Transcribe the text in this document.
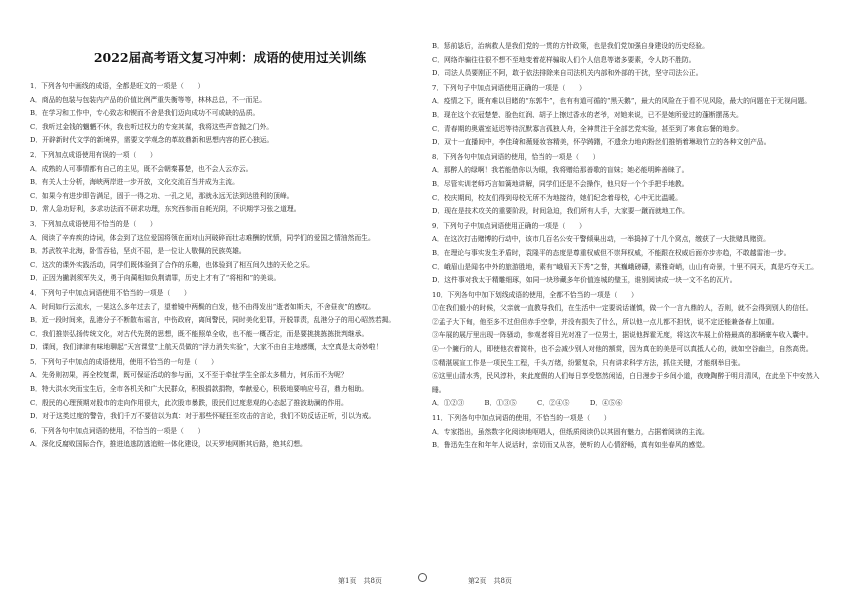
2022届高考语文复习冲刺：成语的使用过关训练

1．下列各句中画线的成语，全都是旺文的一项是（　　）

A．商品的包装与包装内产品的价值比例严重失衡等等，林林总总，不一而足。

B．在学习和工作中，专心致志和锲而不舍是我们迈向成功不可或缺的品质。

C．我听过金钱的魍魉不休，我也听过权力的专宠其谋，我将这些声音抛之门外。

D．开辟新时代文学的新境界，需要文学观念的革故鼎新和思想内容的匠心独运。

2．下列加点成语使用有误的一项（　　）

A．成熟的人可事情都有自己的主见，既不会朝秦暮楚，也不会人云亦云。

B．有关人士分析，海峡两岸进一步开放，文化交流百当并成为主流。

C．如果今有进步即告满足，固于一得之功、一孔之见，那就永远无法到达胜利的顶峰。

D．常人急功好利，多求功法而不研求功理，东究西参而自耗光阴，不识期学习张之道理。

3．下列加点成语使用不恰当的是（　　）

A．阅读了辛弃疾的诗词，体会到了这位爱国将领在面对山河破碎而壮志难酬的忧愤，同学们的爱国之情油然而生。

B．苏武牧羊北海，卧雪吞毡，坚贞不屈，是一位让人敬佩的民族英雄。

C．这次的课外实践活动，同学们既体验到了合作的乐趣，也体验到了相互间久违的天伦之乐。

D．正因为撇剥须军失义，勇于向蔺相如负荆请罪，历史上才有了“将相和”的美谈。

4．下列句子中加点词语使用不恰当的一项是（　　）

A．时间如行云流水，一晃这么多年过去了，望着镜中两鬓的白发，他不由得发出“逝者如斯夫，不舍昼夜”的感叹。

B．近一段时间来，乱港分子不断散布谣言，中伤政府，离间警民，同时美化犯罪，开脱罪责，乱港分子的用心昭然若揭。

C．我们推崇弘扬传统文化，对古代先贤的思想，既不能照单全收，也不能一概否定，而是要挑挑拣拣批判继承。

D．课间，我们津津有味地聊起“天宫课堂”上航天员做的“浮力消失实验”，大家不由自主地感慨，太空真是太奇妙啦！

5．下列句子中加点的成语使用，使用不恰当的一句是（　　）

A．先务则初果，再全校复课，既可保证活动的参与面，又不至于牵扯学生全部太多精力，何乐而不为呢？

B．特大洪水突而宝生后，全市各机关和广大民群众，积极捐款捐物，奉献爱心，积极地要响应号召，鼎力相助。

C．殷民的心理预期对股市的走向作用很大，此次股市暴跌，股民们过度悲观的心态起了推波助澜的作用。

D．对于这类过度的警告，我们千万不要信以为真：对于那些怀疑狂至攻击的言论，我们不妨反话正听，引以为戒。

6．下列各句中加点词语的使用，不恰当的一项是（　　）

A．深化反腐败国际合作，推进追逃防逃追赃一体化建设，以天罗地网断其后路，绝其幻想。

B．惩前毖后，治病救人是我们党的一贯的方针政策，也是我们党加强自身建设的历史经验。

C．网络诈骗往往很不想不至地变着花样骗取人们个人信息等诸多要素，令人防不胜防。

D．司法人员要刚正不阿，敢于依法排除来自司法机关内部和外部的干扰，坚守司法公正。

7．下列句子中加点词语使用正确的一项是（　　）

A．疫情之下，既有难以目睹的“东郭牛”，也有有道可循的“黑天鹅”，最大的风险在于看不见风险，最大的问题在于无视问题。

B．现在这个衣冠楚楚、脸色红润、胡子上擦过香水的老爷，对她来说，已不是她所爱过的蓬断摆荡夫。

C．青春期的奥震室延迟等待沉默寡言孤独人舟，全神贯注于全部艺党实验，甚至到了寒食忘餐的地步。

D．双十一直播间中，李佳琦和薇娅妆容精美，怀孕踌躇，不遗余力地向粉丝们推销着琳琅竹立的各种文创产品。

8．下列各句中加点词语的使用，恰当的一项是（　　）

A．那醉人的绿啊！我若能借你以为眼，我将赠给那善歌的盲妹；她必能明眸善睐了。

B．尽管实训老师巧言如簧地讲解，同学们还是不会操作，他只好一个个手把手地教。

C．校庆期间，校友们得到母校无所不为地接待，她们纪念着母校，心中无比温暖。

D．现在是技术攻关的重要阶段，时间急迫，我们所有人手，大家要一蹴而就地工作。

9．下列句子中加点词语使用正确的一项是（　　）

A．在这次打击赌博的行动中，该市几百名公安干警倾巢出动，一举捣掉了十几个窝点，缴获了一大批赌具赌资。

B．在理论与事实发生矛盾时，袁隆平的态度是尊重权威但不崇拜权威，不能跟在权威后面亦步亦趋，不敢越雷池一步。

C．峨眉山是闻名中外的旅游胜地，素有“峨眉天下秀”之誉，其巍峨磅礴，素雅奇峭，山山有奇景，十里不同天，真是巧夺天工。

D．这件事对我太于精雕细琢，如同一块珍藏多年价值连城的璧玉，谁别阅读成一块一文不名的瓦片。

10．下列各句中加下划线成语的使用，全都不恰当的一项是（　　）

①在我们毅小的时候，父亲就一直教导我们，在生活中一定要说话谨慎，做一个一言九鼎的人，否则，就不会得到别人的信任。

②孟子大下甸，他至多不过但但赤手空拳，并没有损失了什么，所以他一点儿都不担忧，说不定还能兼备春上加重。

③车展的展厅里出现一阵骚动，参观者将目光对准了一位男士，据说他挥霍无度，将这次车展上价格最高的那辆豪车收入囊中。

④一个臃行的人，即使他衣着简朴，也不会减少别人对他的额赏，因为真在的美是可以真抵人心的，就如空谷幽兰，自然高贵。

⑤精湛展宣工作是一项民生工程，千头万绪，纷繁复杂，只有讲求科学方法，抓住关键，才能纲举目张。

⑥这里山清水秀，民风淳朴，来此度假的人们每日享受悠然闲适，白日漫步于乡间小道，夜晚陶醉于明月清风，在此坐下中安然入睡。

A．①②③　　　B．①③⑤　　　C．②④⑤　　　D．④⑤⑥

11．下列各句中加点词语的使用，不恰当的一项是（　　）

A．专家指出，虽然数字化阅读地呕唱人，但纸质阅读仍以其固有魅力，占据着阅读的主流。

B．鲁迅先生在和年年人说话时，亲切而又从容，使听的人心情舒畅，真有如坐春风的感觉。

第1页　共8页	第2页　共8页
